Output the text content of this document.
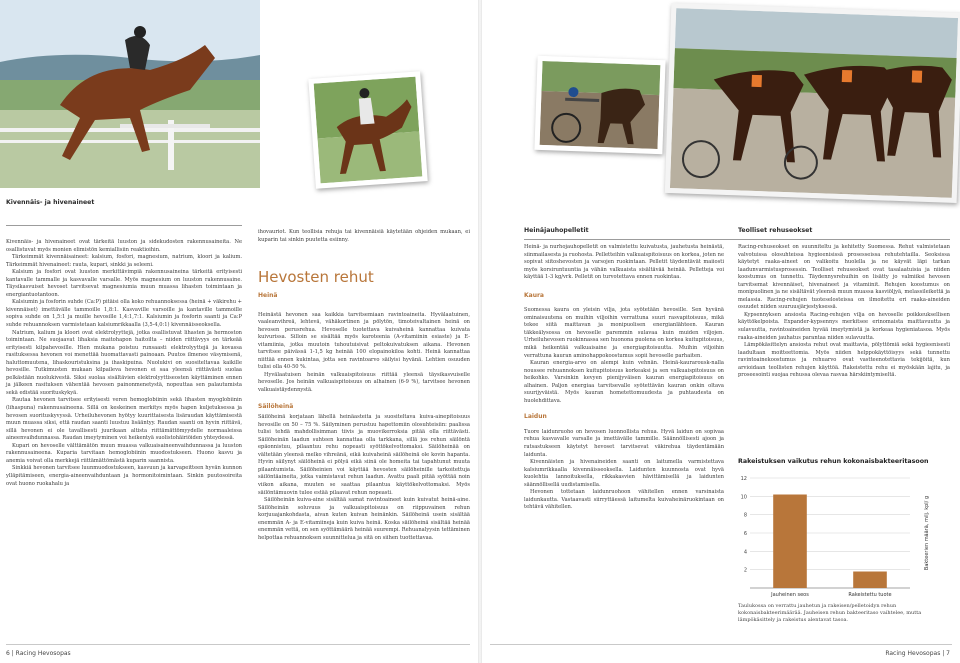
Kivennäis- ja hivenaineet

Kivennäis- ja hivenaineet ovat tärkeitä luuston ja sidekudosten rakennusaineita. Ne osallistuvat myös monien elimistön kemiallisiin reaktioihin.

Tärkeimmät kivennäisaineet: kalsium, fosfori, magnesium, natrium, kloori ja kalium. Tärkeimmät hivenaineet: rauta, kupari, sinkki ja seleeni.

Kalsium ja fosfori ovat luuston merkittävimpiä rakennusaineina tärkeitä erityisesti kantavalle tammalle ja kasvavalle varsalle. Myös magnesium on luuston rakennusaine. Täysikasvuiset hevoset tarvitsevat magnesiumia muun muassa lihasten toimintaan ja energiantuotantoon.

Kalsiumin ja fosforin suhde (Ca:P) pitäisi olla koko rehuannoksessa (heinä + väkirehu + kivennäiset) imettävälle tammoille 1,8:1. Kasvaville varsoille ja kantaville tammoille sopiva suhde on 1,5:1 ja muille hevosille 1,4:1,7:1. Kalsiumin ja fosforin saanti ja Ca:P suhde rehuannoksen varmistetaan kalsiumrikkaalla (3,5-4,0:1) kivennäisseoksella.

Natrium, kalium ja kloori ovat elektrolyyttejä, jotka osallistuvat lihasten ja hermoston toimintaan. Ne suojaavat lihaksia maitohapon haitoilta – niiden riittävyys on tärkeää erityisesti kilpahevosille. Hien mukana poistuu runsaasti elektrolyyttejä ja kovassa rasituksessa hevonen voi menettää huomattavasti painoaan. Puutos ilmenee väsymisenä, haluttomuutena, lihaskouristuksina ja ihaskipuina. Nuolukivi on suositeltavaa kaikille hevosille. Tutkimusten mukaan kilpaileva hevonen ei saa yleensä riittävästi suolaa pelkästään nuolukivestä. Siksi suolaa sisältävien elektrolyyttiseosten käyttäminen ennen ja jälkeen rasituksen vähentää hevosen painonmenetystä, nopeuttaa sen palautumista sekä edistää suorituskykyä.

Rautaa hevonen tarvitsee erityisesti veren hemoglobiinin sekä lihasten myoglobiinin (lihaspuna) rakennusaineena. Sillä on keskeinen merkitys myös hapen kuljetuksessa ja hevosen suorituskyvyssä. Urheiluhevonen hyötyy kuurittaisesta lisäraudan käyttämisestä muun muassa siksi, että raudan saanti luustuu lisääntyy. Raudan saanti on hyvin riittävä, sillä hevonen ei ole tavallisesti juurikaan altista riittämättömyydelle normaaleissa aineenvaihdunnassa. Raudan imeytyminen voi heikentyä suolistohäiriöiden yhteydessä.

Kupari on hevoselle välttämätön muun muassa valkuaisaineenvaihdunnassa ja luuston rakennusaineena. Kuparia tarvitaan hemoglobiinin muodostukseen. Huono kasvu ja anemia voivat olla merkkejä riittämättömästä kuparin saannista.

Sinkkiä hevonen tarvitsee luunmuodostukseen, kasvuun ja karvapeitteen hyvän kunnon ylläpitämiseen, energia-aineenvaihduntaan ja hormonitoimintaan. Sinkin puutosoireita ovat huono ruokahalu ja

ihovauriot. Kun teollisia rehuja tai kivennäisiä käytetään ohjeiden mukaan, ei kuparin tai sinkin puutetta esiinny.

Hevosten rehut
Heinä

Heinästä hevonen saa kaikkia tarvitsemiaan ravintoaineita. Hyvälaatuinen, vaaleanvihreä, lehtevä, vähäkortinen ja pölytön, timoteivaltainen heinä on hevosen perusrehua. Hevoselle tuotettava kuivaheinä kannattaa kuivata kuivurissa. Silloin se sisältää myös karoteenia (A-vitamiinin esiaste) ja E-vitamiinia, jotka muutoin tuhoutuisivat peltokuivatuksen aikana. Hevonen tarvitsee päivässä 1-1,5 kg heinää 100 elopainokiloa kohti. Heinä kannattaa niittää ennen kukintaa, jotta sen ravintoarvo säilyisi hyvänä. Lehtien osuuden tulisi olla 40-50 %.

Hyvälaatuisen heinän valkuaispitoisuus riittää yleensä täysikasvuiselle hevoselle. Jos heinän valkuaispitoisuus on alhainen (6-9 %), tarvitsee hevonen valkuaistäydennystä.

Säilöheinä

Säilöheinä korjataan lähellä heinäasteita ja suositeltava kuiva-ainepitoisuus hevosille on 50 – 75 %. Säilyminen perustuu hapettomiin olosuhteisiin: paalissa tulisi tehdä mahdollisimman tiivis ja muovikerroksia pitää olla riittävästi. Säilöheinän laadun suhteen kannattaa olla tarkkana, sillä jos rehun säilöntä epäonnistuu, pilaantuu rehu nopeasti syöttökelvottomaksi. Säilöheinää on vältetään yleensä melko vihreänä, eikä kuivaheinä säilöheinä ole kovin hapanta. Hyvin säilynyt säilöheinä ei pölyä eikä siinä ole homeita tai tapahtunut muuta pilaantumista. Säilöheinien voi käyttää hevosten säilöheinille tarkoitettuja säilöntäaineita, jotka vaimistavat rehun laadun. Avattu paali pitää syöttää noin viikon aikana, muuten se saattaa pilaantua käyttökelvottomaksi. Myös säilöntämuovin tulee estää pilaavat rehun nopeasti.

Säilöheinän kuiva-aine sisältää samat ravintoaineet kuin kuivatut heinä-aine. Säilöheinän soluvuus ja valkuaispitoisuus on riippuvainen rehun korjuuajankohdasta, aivan kuten kuivan heinänkin. Säilöheinä usein sisältää enemmän A- ja E-vitamiineja kuin kuiva heinä. Koska säilöheinä sisältää heinää enemmän vettä, on sen syöttämäärä heinää suurempi. Rehuanalyysin tettäminen helpottaa rehuannoksen suunnittelua ja sitä on siihen tuottettavaa.

6 | Racing Hevosopas
Heinäjauhopelletit	Teolliset rehuseokset

Heinä- ja nurhojauhopelletit on valmistettu kuivatusta, jauhetusta heinästä, siinmailasesta ja ruohosta. Pelletteihin valkuaispitoisuus on korkea, joten ne sopivat siitoshevosten ja varsojen ruokintaan. Pelletit täydentävät maiiosti myös korsiruntuuntia ja vähän valkuaista sisältävää heinää. Pelletteja voi käyttää 1-3 kg/vrk. Pelletit on turvotettava ennen ruokintaa.

Kaura

Suomessa kaura on yleisin vilja, jota syötetään hevosille. Sen hyvänä ominaisuutena on muihin viljoihin verrattuna suuri rasvapitoisuus, mikä tekee siitä maittavan ja monipuolisen energianlähteen. Kauran täkkeälysossa on hevoselle paremmin sulavaa kuin muiden viljojen. Urheiluhevosen ruokinnassa sen huonona puolena on korkea kuitupitoisuus, mikä heikentää valkuaisaine ja energiapitoisuutta. Muihin viljoihin verrattuna kauran aminohappokoostumus sopii hevoselle parhaiten.

Kauran energia-arvo on alempi kuin vehnän. Heinä-kaurarousk-nalla noussee rehuannoksen kuitupitoisuus korkeaksi ja sen valkuaispitoisuus on heikohko. Varsinkin kevyen pienijyväisen kauran energiapitoisuus on alhainen. Paljon energiaa tarvitsevalle syötettävän kauran onkin oltava suurijyväistä. Myös kauran hometettomuudesta ja puhtaudesta on huolehdittava.

Laidun

Tuore laidunruoho on hevosen luonnollista rehua. Hyvä laidun on sopivaa rehua kasvavalle varsalle ja imettävälle tammille. Säännöllisesti ajoon ja ratsastukseen käytetyt hevoset tarvitsevat väkirehua täydentämään laidunta.

Kivennäisten ja hivenaineiden saanti on laitumella varmistettava kalsiumrikkaalla kivennäisseoksella. Laidunten kuunnosta ovat hyvä kuolehtia lannoituksella, rikkakasvien hävittämisellä ja laidunten säännöllisellä uudistamisella.

Hevonen tottetaan laidunruohoon vähitellen ennen varsinaista laidunkautta. Vastaavasti siirryttäessä laitumelta kuivaheinäruokintaan on tehtävä vähitellen.

Racing-rehuseokset on suunniteltu ja kehitetty Suomessa. Rehut valmistetaan valvotuissa olosuhteissa hygieenisissä prosesseissa rehutehtailla. Seoksissa käytetyt raaka-aineet on valikoitu huolella ja ne käyvät läpi tarkan laadunvarmistusprosessin. Teolliset rehuseokset ovat tasalaatuisia ja niiden koostumus on tunnettu. Täydennysrehuihin on lisätty jo valmiiksi hevosen tarvitsemat kivennäiset, hivenaineet ja vitamiinit. Rehujen koostumus on monipuolinen ja ne sisältävät yleensä muun muassa kasviöljyä, melassileikettä ja melassia. Racing-rehujen tuoteselosteissa on ilmoitettu eri raaka-aineiden osuudet niiden suuruusjärjestyksessä.

Kypsennyksen ansiosta Racing-rehujen vilja on hevoselle poikkeuksellisen käyttökelpoista. Expander-kypsennys merkitsee erinomaista maittavuutta ja sulavuutta, ravintoaineiden hyvää imeytymistä ja korkeaa hygieniatasoa. Myös raaka-aineiden jauhatus parantaa niiden sulavuutta.

Lämpökäsittelyn ansiosta rehut ovat maittavia, pölyttömiä sekä hygieenisesti laadultaan moitteettomia. Myös niiden helppokäyttöisyys sekä tunnettu ravintoainekoostumus ja rehuarvo ovat vastteenotettavia tekijöitä, kun arvioidaan teollisten rehujen käyttöä. Rakeistettu rehu ei myöskään lajitu, ja proseesointi suojaa rehussa olevaa rasvaa härskiintymiseltä.

Rakeistuksen vaikutus rehun kokonaisbakteeritasoon
2
4
6
8
10
12
Jauheinen seos	Rakeistettu tuote
Bakteerien määrä, milj. kpl/ g
Taulukossa on verrattu jauhetun ja rakeisen/pelletoidyn rehun kokonaisbakteerimäärää. Jauheisen rehun bakteeritaso vaihtelee, mutta lämpökäsittely ja rakeistus alentavat tasoa.
Racing Hevosopas | 7
